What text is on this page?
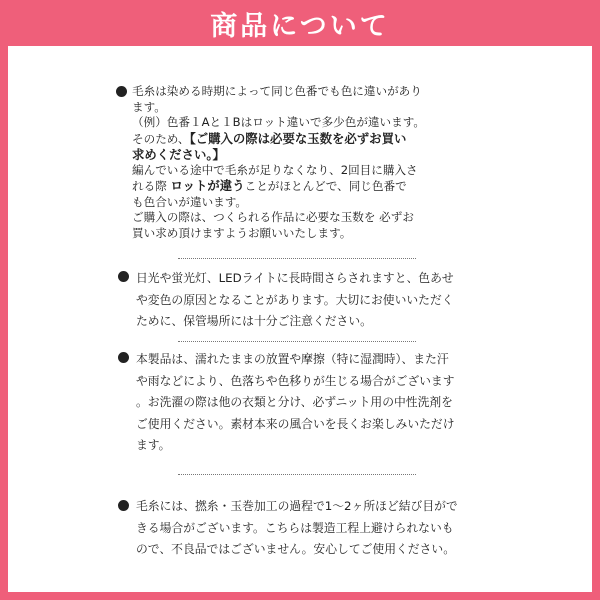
商品について
毛糸は染める時期によって同じ色番でも色に違いがあり
ます。
（例）色番１Aと１Bはロット違いで多少色が違います。
そのため、【ご購入の際は必要な玉数を必ずお買い
求めください。】
編んでいる途中で毛糸が足りなくなり、2回目に購入さ
れる際 ロットが違うことがほとんどで、同じ色番で
も色合いが違います。
ご購入の際は、つくられる作品に必要な玉数を 必ずお
買い求め頂けますようお願いいたします。
日光や蛍光灯、LEDライトに長時間さらされますと、色あせ
や変色の原因となることがあります。大切にお使いいただく
ために、保管場所には十分ご注意ください。
本製品は、濡れたままの放置や摩擦（特に湿潤時）、また汗
や雨などにより、色落ちや色移りが生じる場合がございます
。お洗濯の際は他の衣類と分け、必ずニット用の中性洗剤を
ご使用ください。素材本来の風合いを長くお楽しみいただけ
ます。
毛糸には、撚糸・玉巻加工の過程で1〜2ヶ所ほど結び目がで
きる場合がございます。こちらは製造工程上避けられないも
ので、不良品ではございません。安心してご使用ください。
